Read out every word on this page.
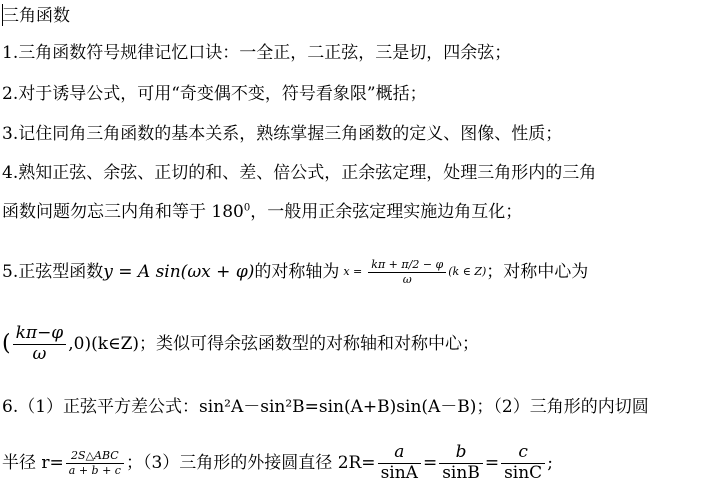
三角函数
1.三角函数符号规律记忆口诀：一全正，二正弦，三是切，四余弦；
2.对于诱导公式，可用“奇变偶不变，符号看象限”概括；
3.记住同角三角函数的基本关系，熟练掌握三角函数的定义、图像、性质；
4.熟知正弦、余弦、正切的和、差、倍公式，正余弦定理，处理三角形内的三角
函数问题勿忘三内角和等于 $180^0$，一般用正余弦定理实施边角互化；
5.正弦型函数 y = A sin(ωx + φ) 的对称轴为 $x = \frac{k\pi + \pi/2 - \varphi}{\omega} (k$ ∈ Z) ；对称中心为
( $\frac{k\pi-\varphi}{\omega}$ ,0)(k∈Z) ；类似可得余弦函数型的对称轴和对称中心；
6.（1）正弦平方差公式：sin²A－sin²B=sin(A+B)sin(A－B)；（2）三角形的内切圆
半径 $r= \frac{\text{2S△ABC}}{a + b + c}$ ；（3）三角形的外接圆直径 $2R= \frac{a}{\sin A} = \frac{b}{\sin B} = \frac{c}{\sin C}$ ;
